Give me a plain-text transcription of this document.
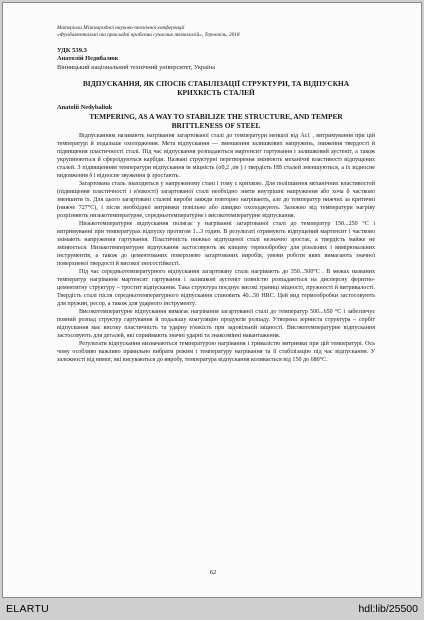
Матеріали Міжнародної науково-технічної конференції
«Фундаментальні та прикладні проблеми сучасних технологій», Тернопіль, 2018
УДК 539.3
Анатолій Недибалюк
Вінницький національний технічний університет, Україна
ВІДПУСКАННЯ, ЯК СПОСІБ СТАБІЛІЗАЦІЇ СТРУКТУРИ, ТА ВІДПУСКНА КРИХКІСТЬ СТАЛЕЙ
Anatolii Nedybaliuk
TEMPERING, AS A WAY TO STABILIZE THE STRUCTURE, AND TEMPER BRITTLENESS OF STEEL

Відпусканням називають нагрівання загартованої сталі до температури меншої від Ас1 , витримування при цій температурі й подальше охолодження. Мета відпускання — зменшення залишкових напружень, зниження твердості й підвищення пластичності сталі. Під час відпускання розпадаються мартенсит гартування і залишковий аустеніт, а також укрупнюються й сфероїдуються карбіди. Названі структурні перетворення змінюють механічні властивості відпущених сталей. З підвищенням температури відпускання tв міцність (σ0,2 ,σв ) і твердість НВ сталей зменшуються, а їх відносне видовження δ і відносне звуження ψ зростають.

Загартована сталь знаходиться у напруженому стані і тому є крихкою. Для поліпшення механічних властивостей (підвищення пластичності і в'язкості) загартованої сталі необхідно зняти внутрішні напруження або хоча б частково зменшити їх. Для цього загартовані сталеві вироби завжди повторно нагрівають, але до температур нижчих за критичні (нижче 727°С), і після необхідної витримки повільно або швидко охолоджують. Залежно від температури нагріву розрізняють низькотемпературне, середньотемпературне і високотемпературне відпускання.

Низькотемпературне відпускання полягає у нагріванні загартованої сталі до температур 150...250 °С і витримуванні при температурах відпуску протягом 1...3 годин. В результаті отримують відпущений мартенсит і частково знімають напруження гартування. Пластичність нижньо відпущеної сталі незначно зростає, а твердість майже не змінюється. Низькотемпературне відпускання застосовують як кінцеву термообробку для різальних і вимірювальних інструментів, а також до цементованих поверхнево загартованих виробів, умови роботи яких вимагають значної поверхневої твердості й високої зносостійкості.

Під час середньотемпературного відпускання загартовану сталь нагрівають до 350...500°С . В межах названих температур нагрівання мартенсит гартування і залишкові аустеніт повністю розпадаються на дисперсну феритно-цементитну структуру – тростит відпускання. Така структура поєднує високі границі міцності, пружності й витривалості. Твердість сталі після середньотемпературного відпускання становить 40...50 HRC. Цей вид термообробки застосовують для пружин, ресор, а також для ударного інструменту.

Високотемпературне відпускання вимагає нагрівання загартованої сталі до температур 500...650 °С і забезпечує повний розпад структур гартування й подальшу коагуляцію продуктів розпаду. Утворена зерниста структура – сорбіт відпускання має високу пластичність та ударну в'язкість при задовільній міцності. Високотемпературне відпускання застосовують для деталей, які сприймають значні ударні та знакозмінні навантаження.

Результати відпускання визначаються температурою нагрівання і тривалістю витримки при цій температурі. Ось чому особливо важливо правильно вибрати режим і температуру нагрівання та її стабілізацію під час відпускання. У залежності від вимог, які висуваються до виробу, температура відпускання коливається від 150 до 680°С.

62
ELARTU	hdl:lib/25500
